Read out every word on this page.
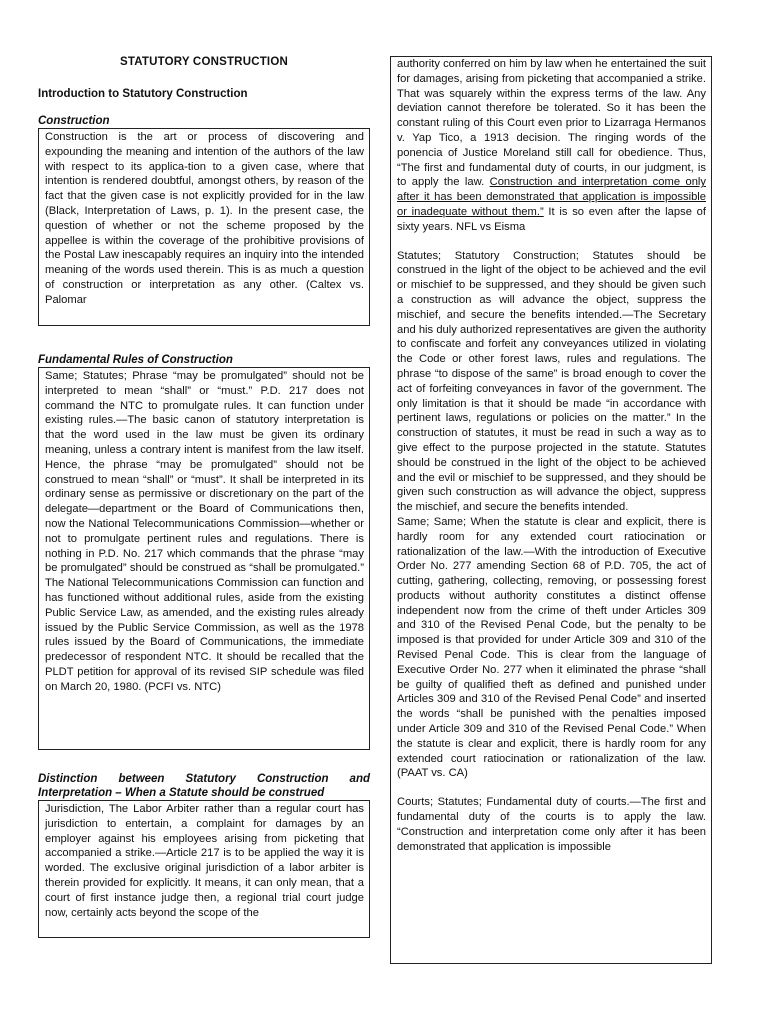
STATUTORY CONSTRUCTION
Introduction to Statutory Construction
Construction

Construction is the art or process of discovering and expounding the meaning and intention of the authors of the law with respect to its applica-tion to a given case, where that intention is rendered doubtful, amongst others, by reason of the fact that the given case is not explicitly provided for in the law (Black, Interpretation of Laws, p. 1). In the present case, the question of whether or not the scheme proposed by the appellee is within the coverage of the prohibitive provisions of the Postal Law inescapably requires an inquiry into the intended meaning of the words used therein. This is as much a question of construction or interpretation as any other. (Caltex vs. Palomar

Fundamental Rules of Construction

Same; Statutes; Phrase “may be promulgated” should not be interpreted to mean “shall” or “must.” P.D. 217 does not command the NTC to promulgate rules. It can function under existing rules.—The basic canon of statutory interpretation is that the word used in the law must be given its ordinary meaning, unless a contrary intent is manifest from the law itself. Hence, the phrase “may be promulgated” should not be construed to mean “shall” or “must”. It shall be interpreted in its ordinary sense as permissive or discretionary on the part of the delegate—department or the Board of Communications then, now the National Telecommunications Commission—whether or not to promulgate pertinent rules and regulations. There is nothing in P.D. No. 217 which commands that the phrase “may be promulgated” should be construed as “shall be promulgated.” The National Telecommunications Commission can function and has functioned without additional rules, aside from the existing Public Service Law, as amended, and the existing rules already issued by the Public Service Commission, as well as the 1978 rules issued by the Board of Communications, the immediate predecessor of respondent NTC. It should be recalled that the PLDT petition for approval of its revised SIP schedule was filed on March 20, 1980. (PCFI vs. NTC)

Distinction between Statutory Construction and Interpretation – When a Statute should be construed

Jurisdiction, The Labor Arbiter rather than a regular court has jurisdiction to entertain, a complaint for damages by an employer against his employees arising from picketing that accompanied a strike.—Article 217 is to be applied the way it is worded. The exclusive original jurisdiction of a labor arbiter is therein provided for explicitly. It means, it can only mean, that a court of first instance judge then, a regional trial court judge now, certainly acts beyond the scope of the

authority conferred on him by law when he entertained the suit for damages, arising from picketing that accompanied a strike. That was squarely within the express terms of the law. Any deviation cannot therefore be tolerated. So it has been the constant ruling of this Court even prior to Lizarraga Hermanos v. Yap Tico, a 1913 decision. The ringing words of the ponencia of Justice Moreland still call for obedience. Thus, “The first and fundamental duty of courts, in our judgment, is to apply the law. Construction and interpretation come only after it has been demonstrated that application is impossible or inadequate without them.” It is so even after the lapse of sixty years. NFL vs Eisma

Statutes; Statutory Construction; Statutes should be construed in the light of the object to be achieved and the evil or mischief to be suppressed, and they should be given such a construction as will advance the object, suppress the mischief, and secure the benefits intended.—The Secretary and his duly authorized representatives are given the authority to confiscate and forfeit any conveyances utilized in violating the Code or other forest laws, rules and regulations. The phrase “to dispose of the same” is broad enough to cover the act of forfeiting conveyances in favor of the government. The only limitation is that it should be made “in accordance with pertinent laws, regulations or policies on the matter.” In the construction of statutes, it must be read in such a way as to give effect to the purpose projected in the statute. Statutes should be construed in the light of the object to be achieved and the evil or mischief to be suppressed, and they should be given such construction as will advance the object, suppress the mischief, and secure the benefits intended.

Same; Same; When the statute is clear and explicit, there is hardly room for any extended court ratiocination or rationalization of the law.—With the introduction of Executive Order No. 277 amending Section 68 of P.D. 705, the act of cutting, gathering, collecting, removing, or possessing forest products without authority constitutes a distinct offense independent now from the crime of theft under Articles 309 and 310 of the Revised Penal Code, but the penalty to be imposed is that provided for under Article 309 and 310 of the Revised Penal Code. This is clear from the language of Executive Order No. 277 when it eliminated the phrase “shall be guilty of qualified theft as defined and punished under Articles 309 and 310 of the Revised Penal Code” and inserted the words “shall be punished with the penalties imposed under Article 309 and 310 of the Revised Penal Code.” When the statute is clear and explicit, there is hardly room for any extended court ratiocination or rationalization of the law. (PAAT vs. CA)

Courts; Statutes; Fundamental duty of courts.—The first and fundamental duty of the courts is to apply the law. “Construction and interpretation come only after it has been demonstrated that application is impossible
